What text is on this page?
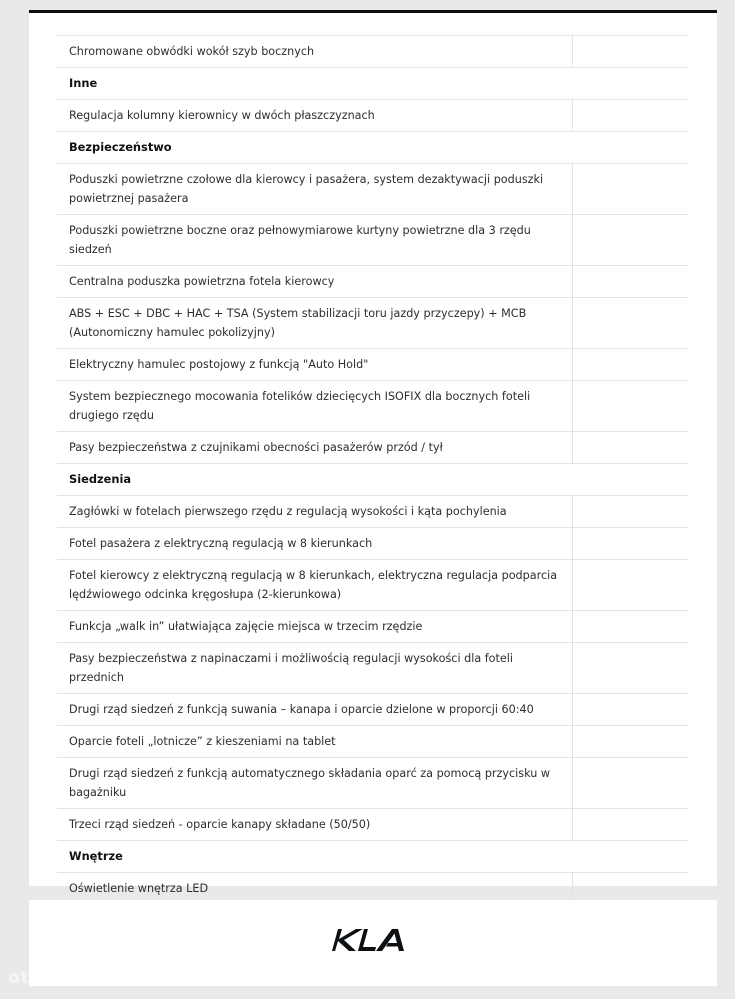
Chromowane obwódki wokół szyb bocznych
Inne
Regulacja kolumny kierownicy w dwóch płaszczyznach
Bezpieczeństwo
Poduszki powietrzne czołowe dla kierowcy i pasażera, system dezaktywacji poduszki powietrznej pasażera
Poduszki powietrzne boczne oraz pełnowymiarowe kurtyny powietrzne dla 3 rzędu siedzeń
Centralna poduszka powietrzna fotela kierowcy
ABS + ESC + DBC + HAC + TSA (System stabilizacji toru jazdy przyczepy) + MCB (Autonomiczny hamulec pokolizyjny)
Elektryczny hamulec postojowy z funkcją "Auto Hold"
System bezpiecznego mocowania fotelików dziecięcych ISOFIX dla bocznych foteli drugiego rzędu
Pasy bezpieczeństwa z czujnikami obecności pasażerów przód / tył
Siedzenia
Zagłówki w fotelach pierwszego rzędu z regulacją wysokości i kąta pochylenia
Fotel pasażera z elektryczną regulacją w 8 kierunkach
Fotel kierowcy z elektryczną regulacją w 8 kierunkach, elektryczna regulacja podparcia lędźwiowego odcinka kręgosłupa (2-kierunkowa)
Funkcja „walk in” ułatwiająca zajęcie miejsca w trzecim rzędzie
Pasy bezpieczeństwa z napinaczami i możliwością regulacji wysokości dla foteli przednich
Drugi rząd siedzeń z funkcją suwania – kanapa i oparcie dzielone w proporcji 60:40
Oparcie foteli „lotnicze” z kieszeniami na tablet
Drugi rząd siedzeń z funkcją automatycznego składania oparć za pomocą przycisku w bagażniku
Trzeci rząd siedzeń - oparcie kanapy składane (50/50)
Wnętrze
Oświetlenie wnętrza LED
otomoto
